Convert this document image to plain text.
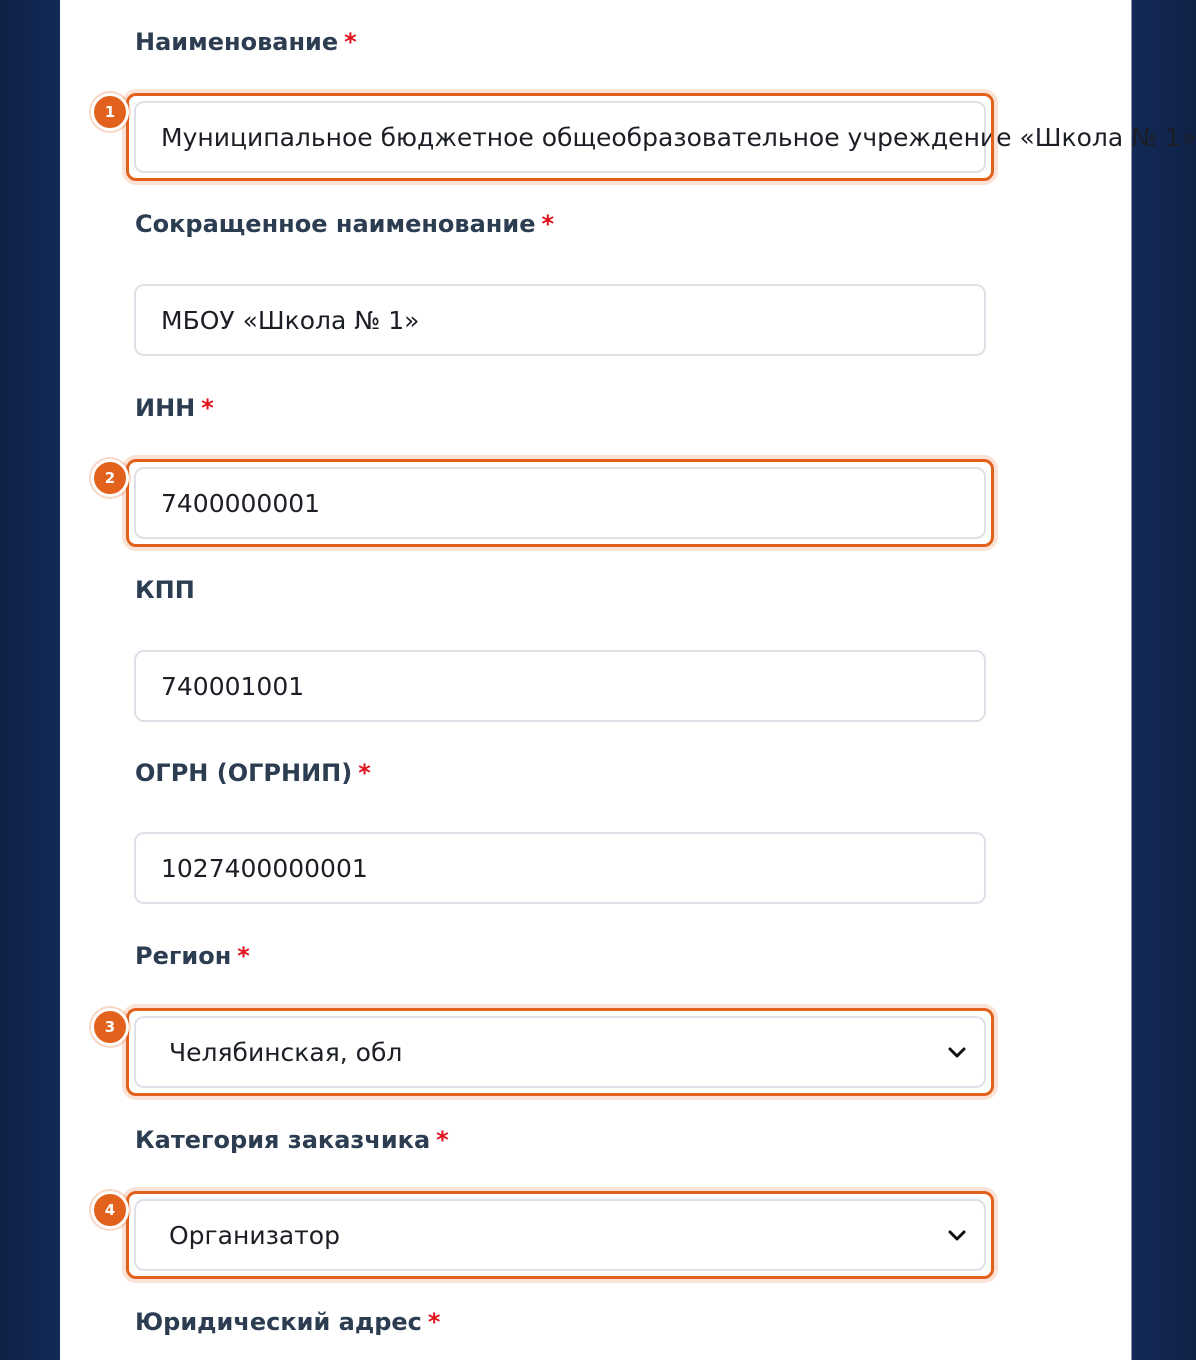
Наименование *
Муниципальное бюджетное общеобразовательное учреждение «Школа № 1»
1
Сокращенное наименование *
МБОУ «Школа № 1»
ИНН *
7400000001
2
КПП
740001001
ОГРН (ОГРНИП) *
1027400000001
Регион *
Челябинская, обл
3
Категория заказчика *
Организатор
4
Юридический адрес *
